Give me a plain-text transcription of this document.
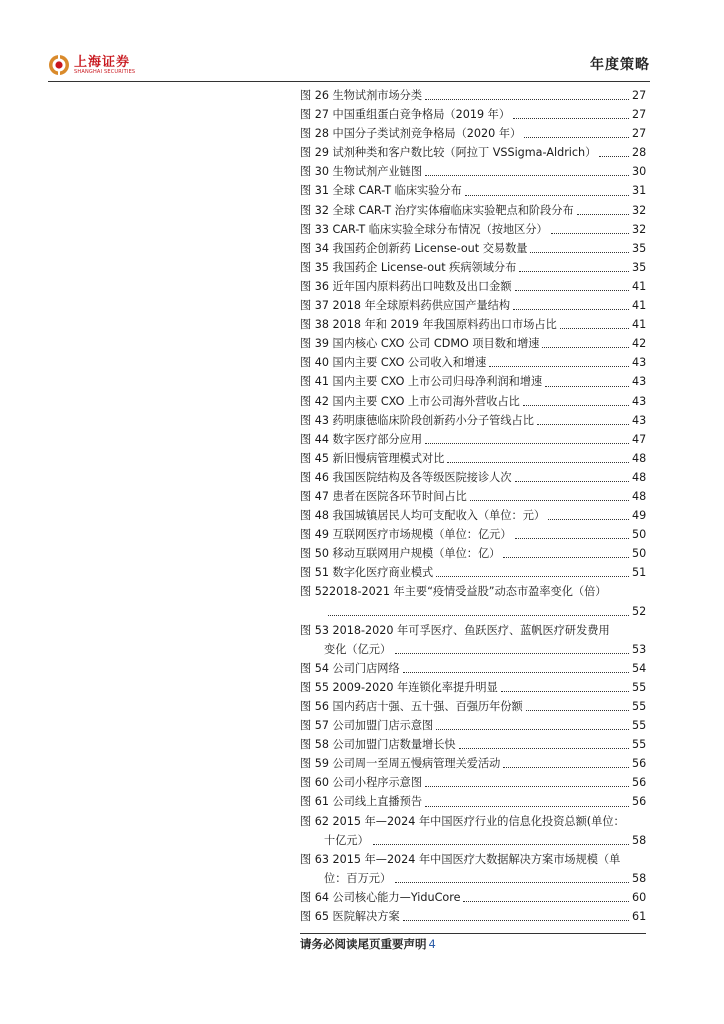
上海证券
SHANGHAI SECURITIES	年度策略
图 26 生物试剂市场分类	27
图 27 中国重组蛋白竞争格局（2019 年）	27
图 28 中国分子类试剂竞争格局（2020 年）	27
图 29 试剂种类和客户数比较（阿拉丁 VSSigma-Aldrich）	28
图 30 生物试剂产业链图	30
图 31 全球 CAR-T 临床实验分布	31
图 32 全球 CAR-T 治疗实体瘤临床实验靶点和阶段分布	32
图 33 CAR-T 临床实验全球分布情况（按地区分）	32
图 34 我国药企创新药 License-out 交易数量	35
图 35 我国药企 License-out 疾病领域分布	35
图 36 近年国内原料药出口吨数及出口金额	41
图 37 2018 年全球原料药供应国产量结构	41
图 38 2018 年和 2019 年我国原料药出口市场占比	41
图 39 国内核心 CXO 公司 CDMO 项目数和增速	42
图 40 国内主要 CXO 公司收入和增速	43
图 41 国内主要 CXO 上市公司归母净利润和增速	43
图 42 国内主要 CXO 上市公司海外营收占比	43
图 43 药明康德临床阶段创新药小分子管线占比	43
图 44 数字医疗部分应用	47
图 45 新旧慢病管理模式对比	48
图 46 我国医院结构及各等级医院接诊人次	48
图 47 患者在医院各环节时间占比	48
图 48 我国城镇居民人均可支配收入（单位：元）	49
图 49 互联网医疗市场规模（单位：亿元）	50
图 50 移动互联网用户规模（单位：亿）	50
图 51 数字化医疗商业模式	51
图 522018-2021 年主要“疫情受益股”动态市盈率变化（倍）
52
图 53 2018-2020 年可孚医疗、鱼跃医疗、蓝帆医疗研发费用
变化（亿元）	53
图 54 公司门店网络	54
图 55 2009-2020 年连锁化率提升明显	55
图 56 国内药店十强、五十强、百强历年份额	55
图 57 公司加盟门店示意图	55
图 58 公司加盟门店数量增长快	55
图 59 公司周一至周五慢病管理关爱活动	56
图 60 公司小程序示意图	56
图 61 公司线上直播预告	56
图 62 2015 年—2024 年中国医疗行业的信息化投资总额(单位：
十亿元）	58
图 63 2015 年—2024 年中国医疗大数据解决方案市场规模（单
位：百万元）	58
图 64 公司核心能力—YiduCore	60
图 65 医院解决方案	61
请务必阅读尾页重要声明 4
